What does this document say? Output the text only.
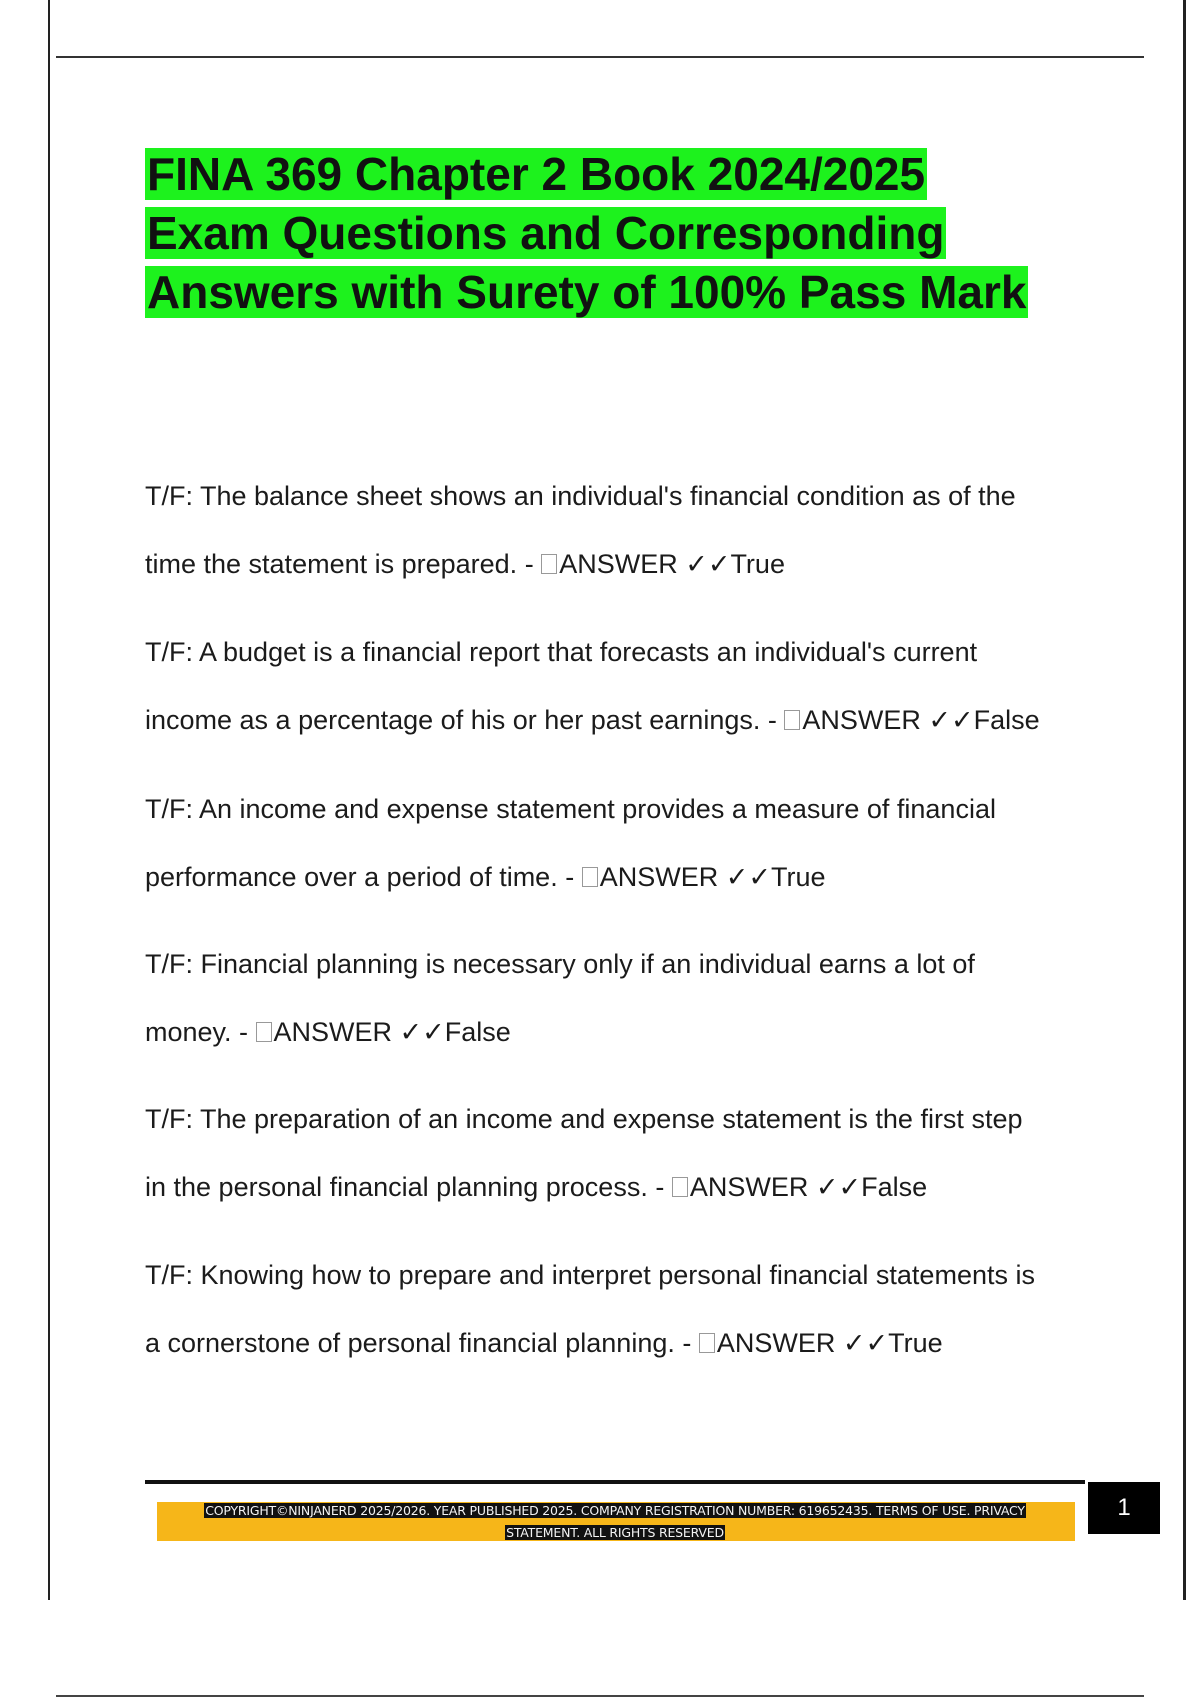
FINA 369 Chapter 2 Book 2024/2025
Exam Questions and Corresponding
Answers with Surety of 100% Pass Mark
T/F: The balance sheet shows an individual's financial condition as of the
time the statement is prepared. - ANSWER ✓✓True
T/F: A budget is a financial report that forecasts an individual's current
income as a percentage of his or her past earnings. - ANSWER ✓✓False
T/F: An income and expense statement provides a measure of financial
performance over a period of time. - ANSWER ✓✓True
T/F: Financial planning is necessary only if an individual earns a lot of
money. - ANSWER ✓✓False
T/F: The preparation of an income and expense statement is the first step
in the personal financial planning process. - ANSWER ✓✓False
T/F: Knowing how to prepare and interpret personal financial statements is
a cornerstone of personal financial planning. - ANSWER ✓✓True
COPYRIGHT©NINJANERD 2025/2026. YEAR PUBLISHED 2025. COMPANY REGISTRATION NUMBER: 619652435. TERMS OF USE. PRIVACY
STATEMENT. ALL RIGHTS RESERVED
1
